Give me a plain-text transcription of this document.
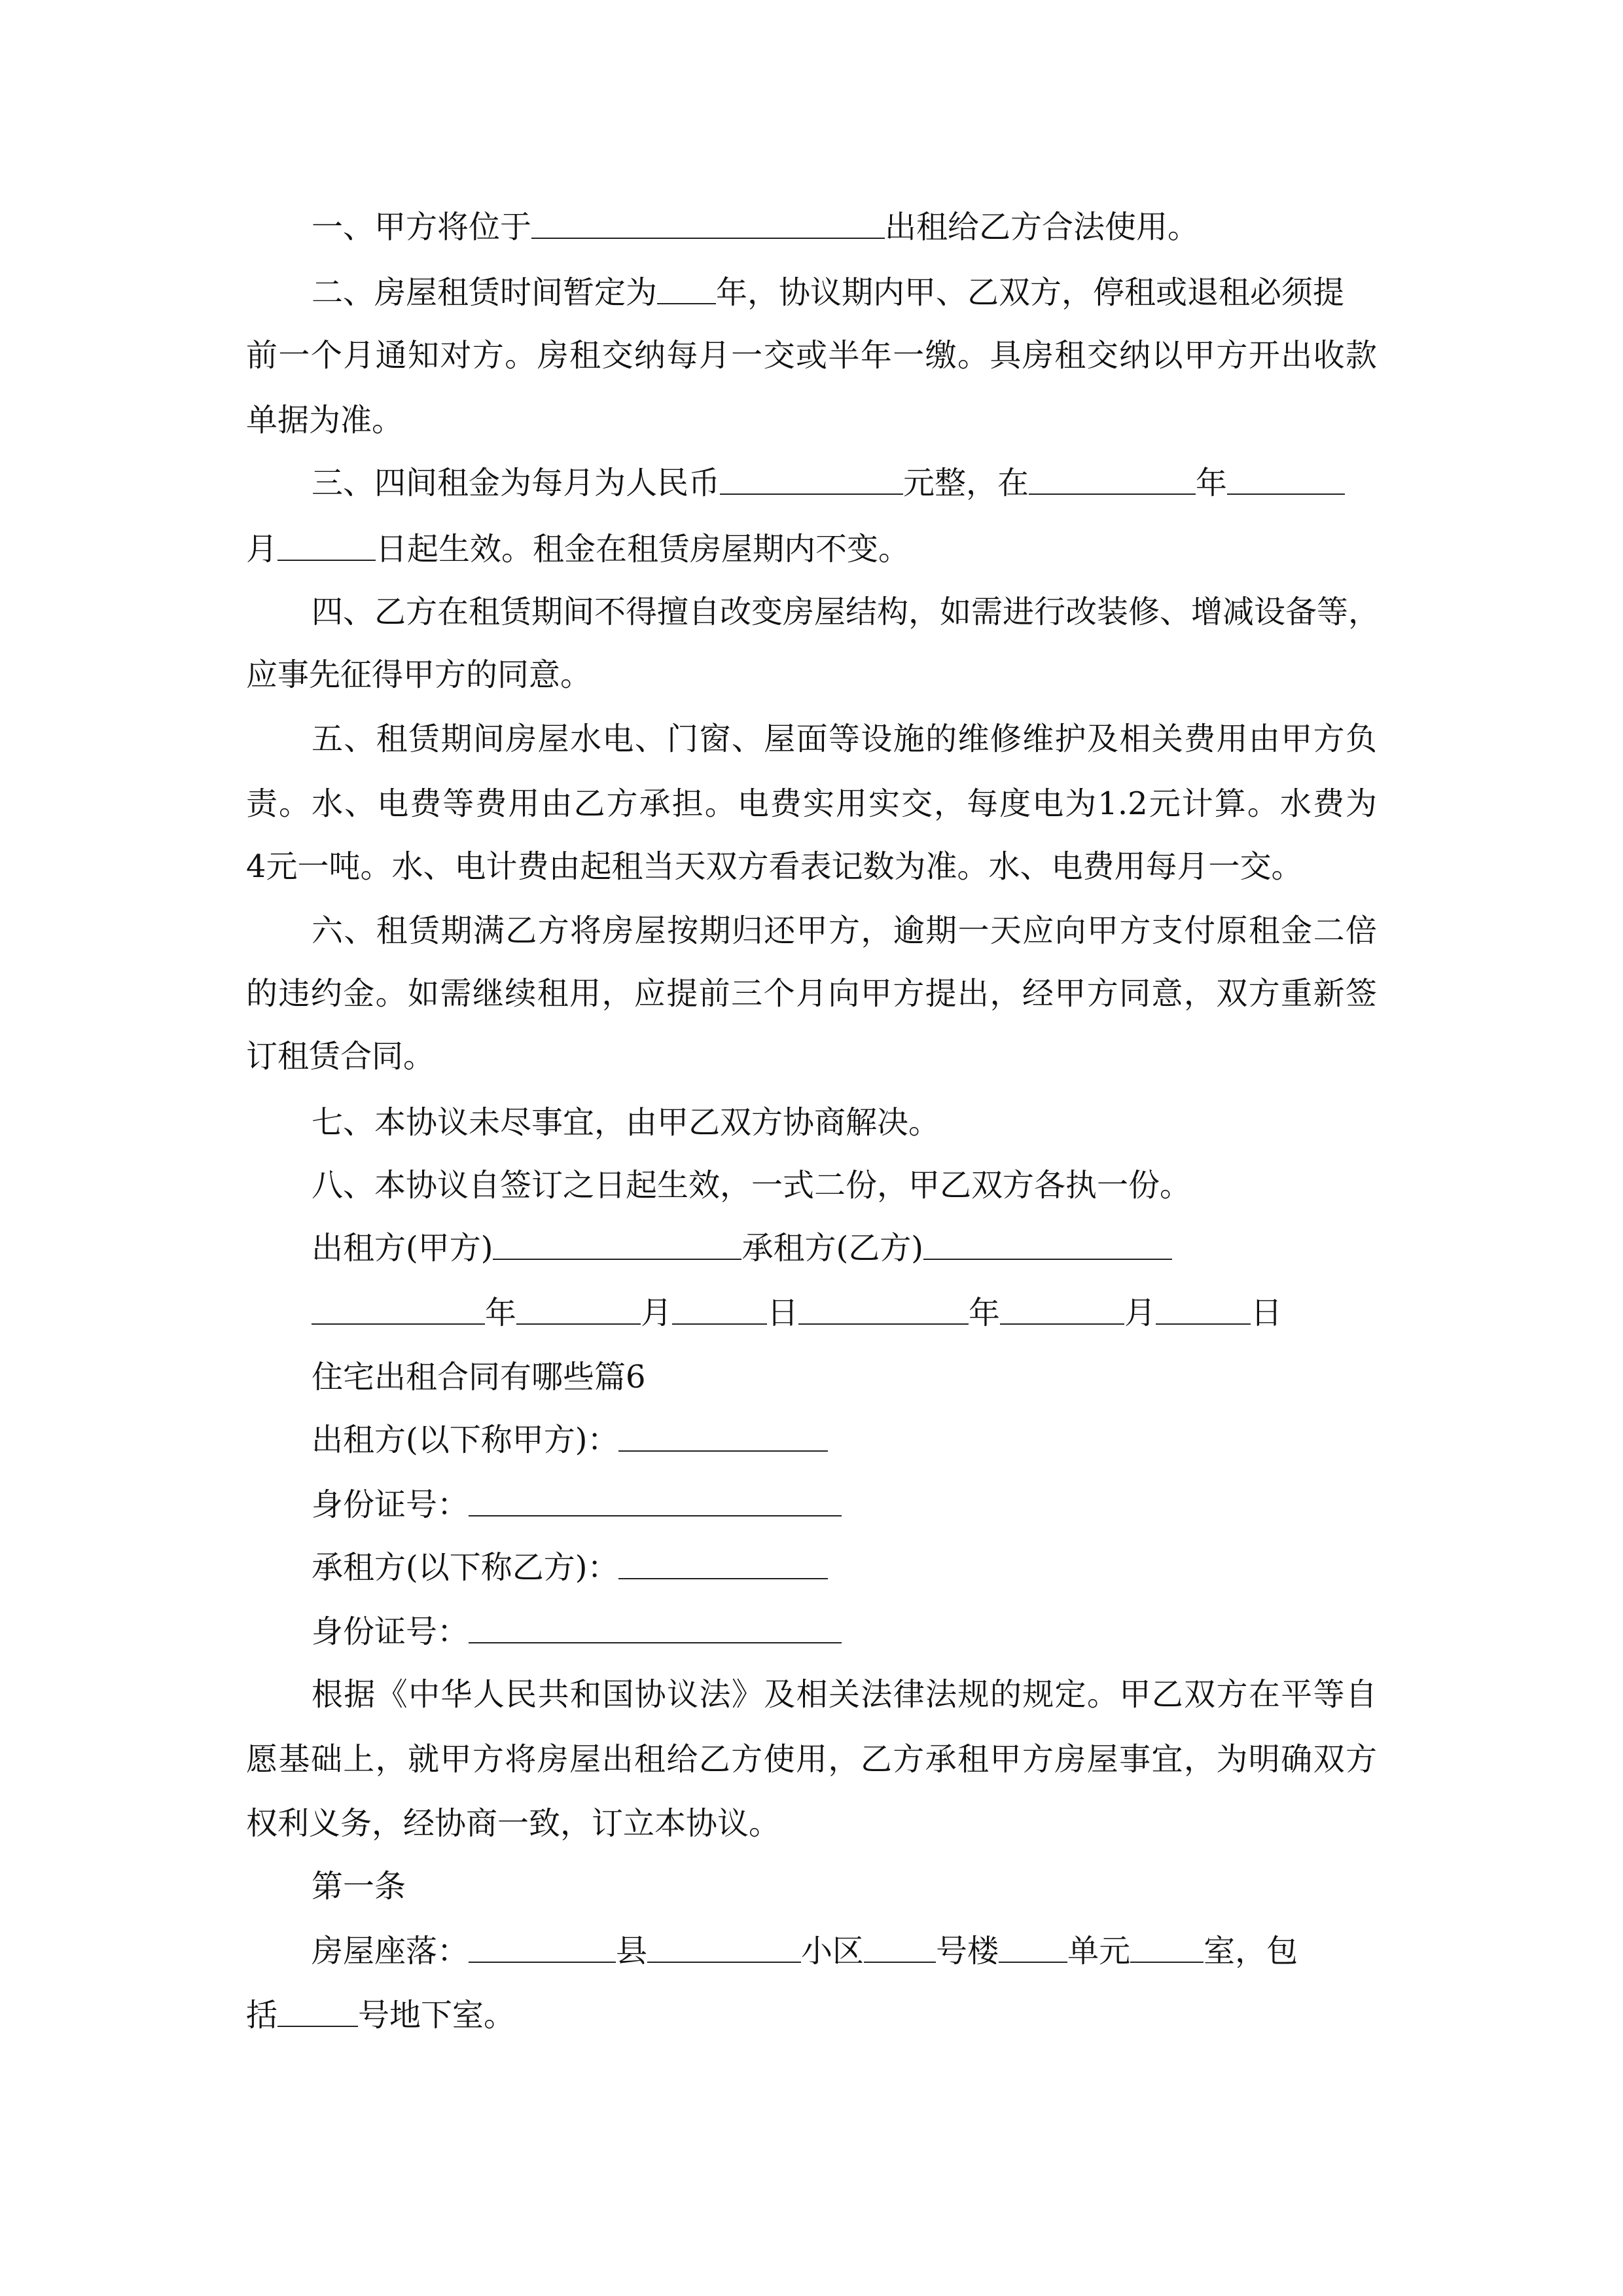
一、甲方将位于	出租给乙方合法使用。
二、房屋租赁时间暂定为 年，协议期内甲、乙双方，停租或退租必须提
前一个月通知对方。房租交纳每月一交或半年一缴。具房租交纳以甲方开出收款
单据为准。
三、四间租金为每月为人民币	元整，在	年
月	日起生效。租金在租赁房屋期内不变。
四、乙方在租赁期间不得擅自改变房屋结构，如需进行改装修、增减设备等，
应事先征得甲方的同意。
五、租赁期间房屋水电、门窗、屋面等设施的维修维护及相关费用由甲方负
责。水、电费等费用由乙方承担。电费实用实交，每度电为1.2元计算。水费为
4元一吨。水、电计费由起租当天双方看表记数为准。水、电费用每月一交。
六、租赁期满乙方将房屋按期归还甲方，逾期一天应向甲方支付原租金二倍
的违约金。如需继续租用，应提前三个月向甲方提出，经甲方同意，双方重新签
订租赁合同。
七、本协议未尽事宜，由甲乙双方协商解决。
八、本协议自签订之日起生效，一式二份，甲乙双方各执一份。
出租方(甲方)	承租方(乙方)
年	月	日	年	月	日
住宅出租合同有哪些篇6
出租方(以下称甲方)：
身份证号：
承租方(以下称乙方)：
身份证号：
根据《中华人民共和国协议法》及相关法律法规的规定。甲乙双方在平等自
愿基础上，就甲方将房屋出租给乙方使用，乙方承租甲方房屋事宜，为明确双方
权利义务，经协商一致，订立本协议。
第一条
房屋座落：	县	小区 号楼 单元 室，包
括	号地下室。
